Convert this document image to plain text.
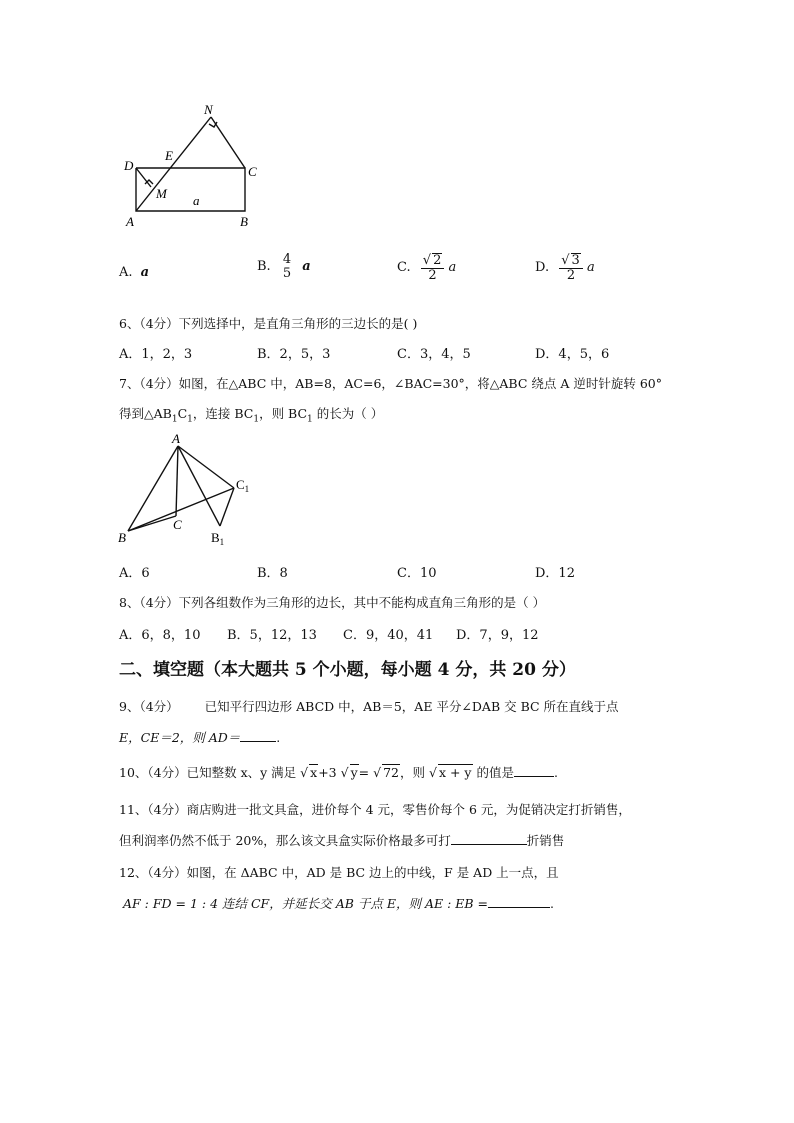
N
E
D	C
M a
A	B
A. a	B. 4
5 a	C. $\frac{√ 2}{2}$ a	D. $\frac{√ 3}{2}$ a
6、（4分）下列选择中，是直角三角形的三边长的是( )
A．1，2，3	B．2，5，3	C．3，4，5	D．4，5，6
7、（4分）如图，在△ABC 中，AB=8，AC=6，∠BAC=30°，将△ABC 绕点 A 逆时针旋转 60°
得到$\triangle AB_1C_1$，连接 $BC_1$，则 $BC_1$ 的长为（ ）
A
$C_1$
B
C
$B_1$
A．6	B．8	C．10	D．12
8、（4分）下列各组数作为三角形的边长，其中不能构成直角三角形的是（ ）
A．6，8，10 B．5，12，13 C．9，40，41 D．7，9，12
二、填空题（本大题共 5 个小题，每小题 4 分，共 20 分）
9、（4分） 已知平行四边形 ABCD 中，AB＝5，AE 平分∠DAB 交 BC 所在直线于点
E，CE＝2，则 AD＝	.
10、（4分）已知整数 x、y 满足 √ x+3 √ y= √ 72，则 √ x + y 的值是	.
11、（4分）商店购进一批文具盒，进价每个 4 元，零售价每个 6 元，为促销决定打折销售，
但利润率仍然不低于 20%，那么该文具盒实际价格最多可打	折销售
12、（4分）如图，在 ΔABC 中，AD 是 BC 边上的中线，F 是 AD 上一点，且
AF : FD = 1 : 4 连结 CF，并延长交 AB 于点 E，则 AE : EB =	.
